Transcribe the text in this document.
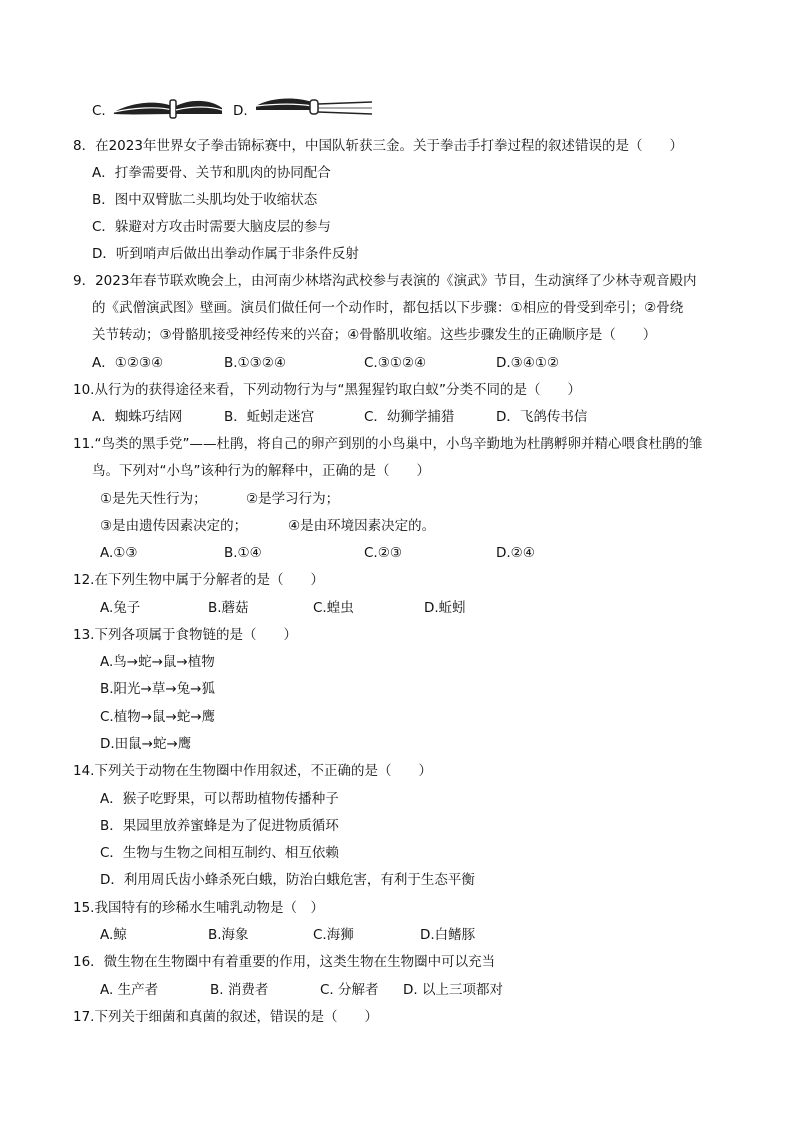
C.	D.
8．在2023年世界女子拳击锦标赛中，中国队斩获三金。关于拳击手打拳过程的叙述错误的是（　　）
A．打拳需要骨、关节和肌肉的协同配合
B．图中双臂肱二头肌均处于收缩状态
C．躲避对方攻击时需要大脑皮层的参与
D．听到哨声后做出出拳动作属于非条件反射
9．2023年春节联欢晚会上，由河南少林塔沟武校参与表演的《演武》节目，生动演绎了少林寺观音殿内
的《武僧演武图》壁画。演员们做任何一个动作时，都包括以下步骤：①相应的骨受到牵引；②骨绕
关节转动；③骨骼肌接受神经传来的兴奋；④骨骼肌收缩。这些步骤发生的正确顺序是（　　）
A．①②③④	B.①③②④	C.③①②④	D.③④①②
10.从行为的获得途径来看，下列动物行为与“黑猩猩钓取白蚁”分类不同的是（　　）
A．蜘蛛巧结网	B．蚯蚓走迷宫	C．幼狮学捕猎	D．飞鸽传书信
11.“鸟类的黑手党”——杜鹃，将自己的卵产到别的小鸟巢中，小鸟辛勤地为杜鹃孵卵并精心喂食杜鹃的雏
鸟。下列对“小鸟”该种行为的解释中，正确的是（　　）
①是先天性行为；	②是学习行为；
③是由遗传因素决定的；	④是由环境因素决定的。
A.①③	B.①④	C.②③	D.②④
12.在下列生物中属于分解者的是（　　）
A.兔子	B.蘑菇	C.蝗虫	D.蚯蚓
13.下列各项属于食物链的是（　　）
A.鸟→蛇→鼠→植物
B.阳光→草→兔→狐
C.植物→鼠→蛇→鹰
D.田鼠→蛇→鹰
14.下列关于动物在生物圈中作用叙述，不正确的是（　　）
A．猴子吃野果，可以帮助植物传播种子
B．果园里放养蜜蜂是为了促进物质循环
C．生物与生物之间相互制约、相互依赖
D．利用周氏齿小蜂杀死白蛾，防治白蛾危害，有利于生态平衡
15.我国特有的珍稀水生哺乳动物是（　）
A.鲸	B.海象	C.海狮	D.白鳍豚
16．微生物在生物圈中有着重要的作用，这类生物在生物圈中可以充当
A. 生产者	B. 消费者	C. 分解者 D. 以上三项都对
17.下列关于细菌和真菌的叙述，错误的是（　　）
